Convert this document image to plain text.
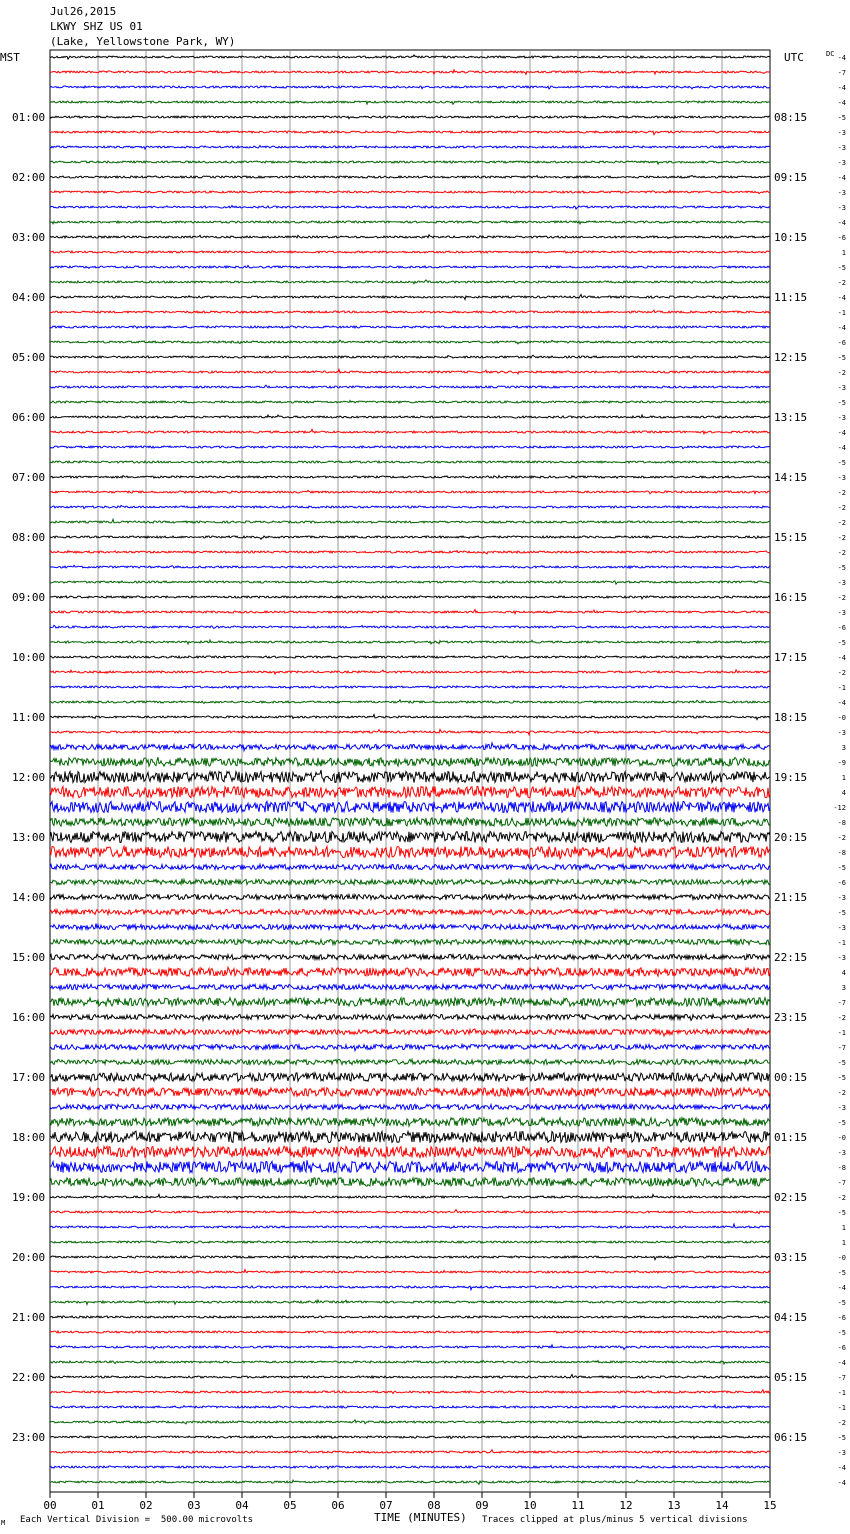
Jul26,2015
LKWY SHZ US 01
(Lake, Yellowstone Park, WY)
MST	UTC	DC
01:00
02:00
03:00
04:00
05:00
06:00
07:00
08:00
09:00
10:00
11:00
12:00
13:00
14:00
15:00
16:00
17:00
18:00
19:00
20:00
21:00
22:00
23:00
08:15
09:15
10:15
11:15
12:15
13:15
14:15
15:15
16:15
17:15
18:15
19:15
20:15
21:15
22:15
23:15
00:15
01:15
02:15
03:15
04:15
05:15
06:15
-4
-7
-4
-4
-5
-3
-3
-3
-4
-3
-3
-4
-6
1
-5
-2
-4
-1
-4
-6
-5
-2
-3
-5
-3
-4
-4
-5
-3
-2
-2
-2
-2
-2
-5
-3
-2
-3
-6
-5
-4
-2
-1
-4
-0
-3
3
-9
1
4
-12
-8
-2
-8
-5
-6
-3
-5
-3
-1
-3
4
3
-7
-2
-1
-7
-5
-5
-2
-3
-5
-0
-3
-8
-7
-2
-5
1
1
-0
-5
-4
-5
-6
-5
-6
-4
-7
-1
-1
-2
-5
-3
-4
-4
00	01	02	03	04	05	06	07	08	09	10	11	12	13	14	15
TIME (MINUTES)
M Each Vertical Division =  500.00 microvolts	Traces clipped at plus/minus 5 vertical divisions
